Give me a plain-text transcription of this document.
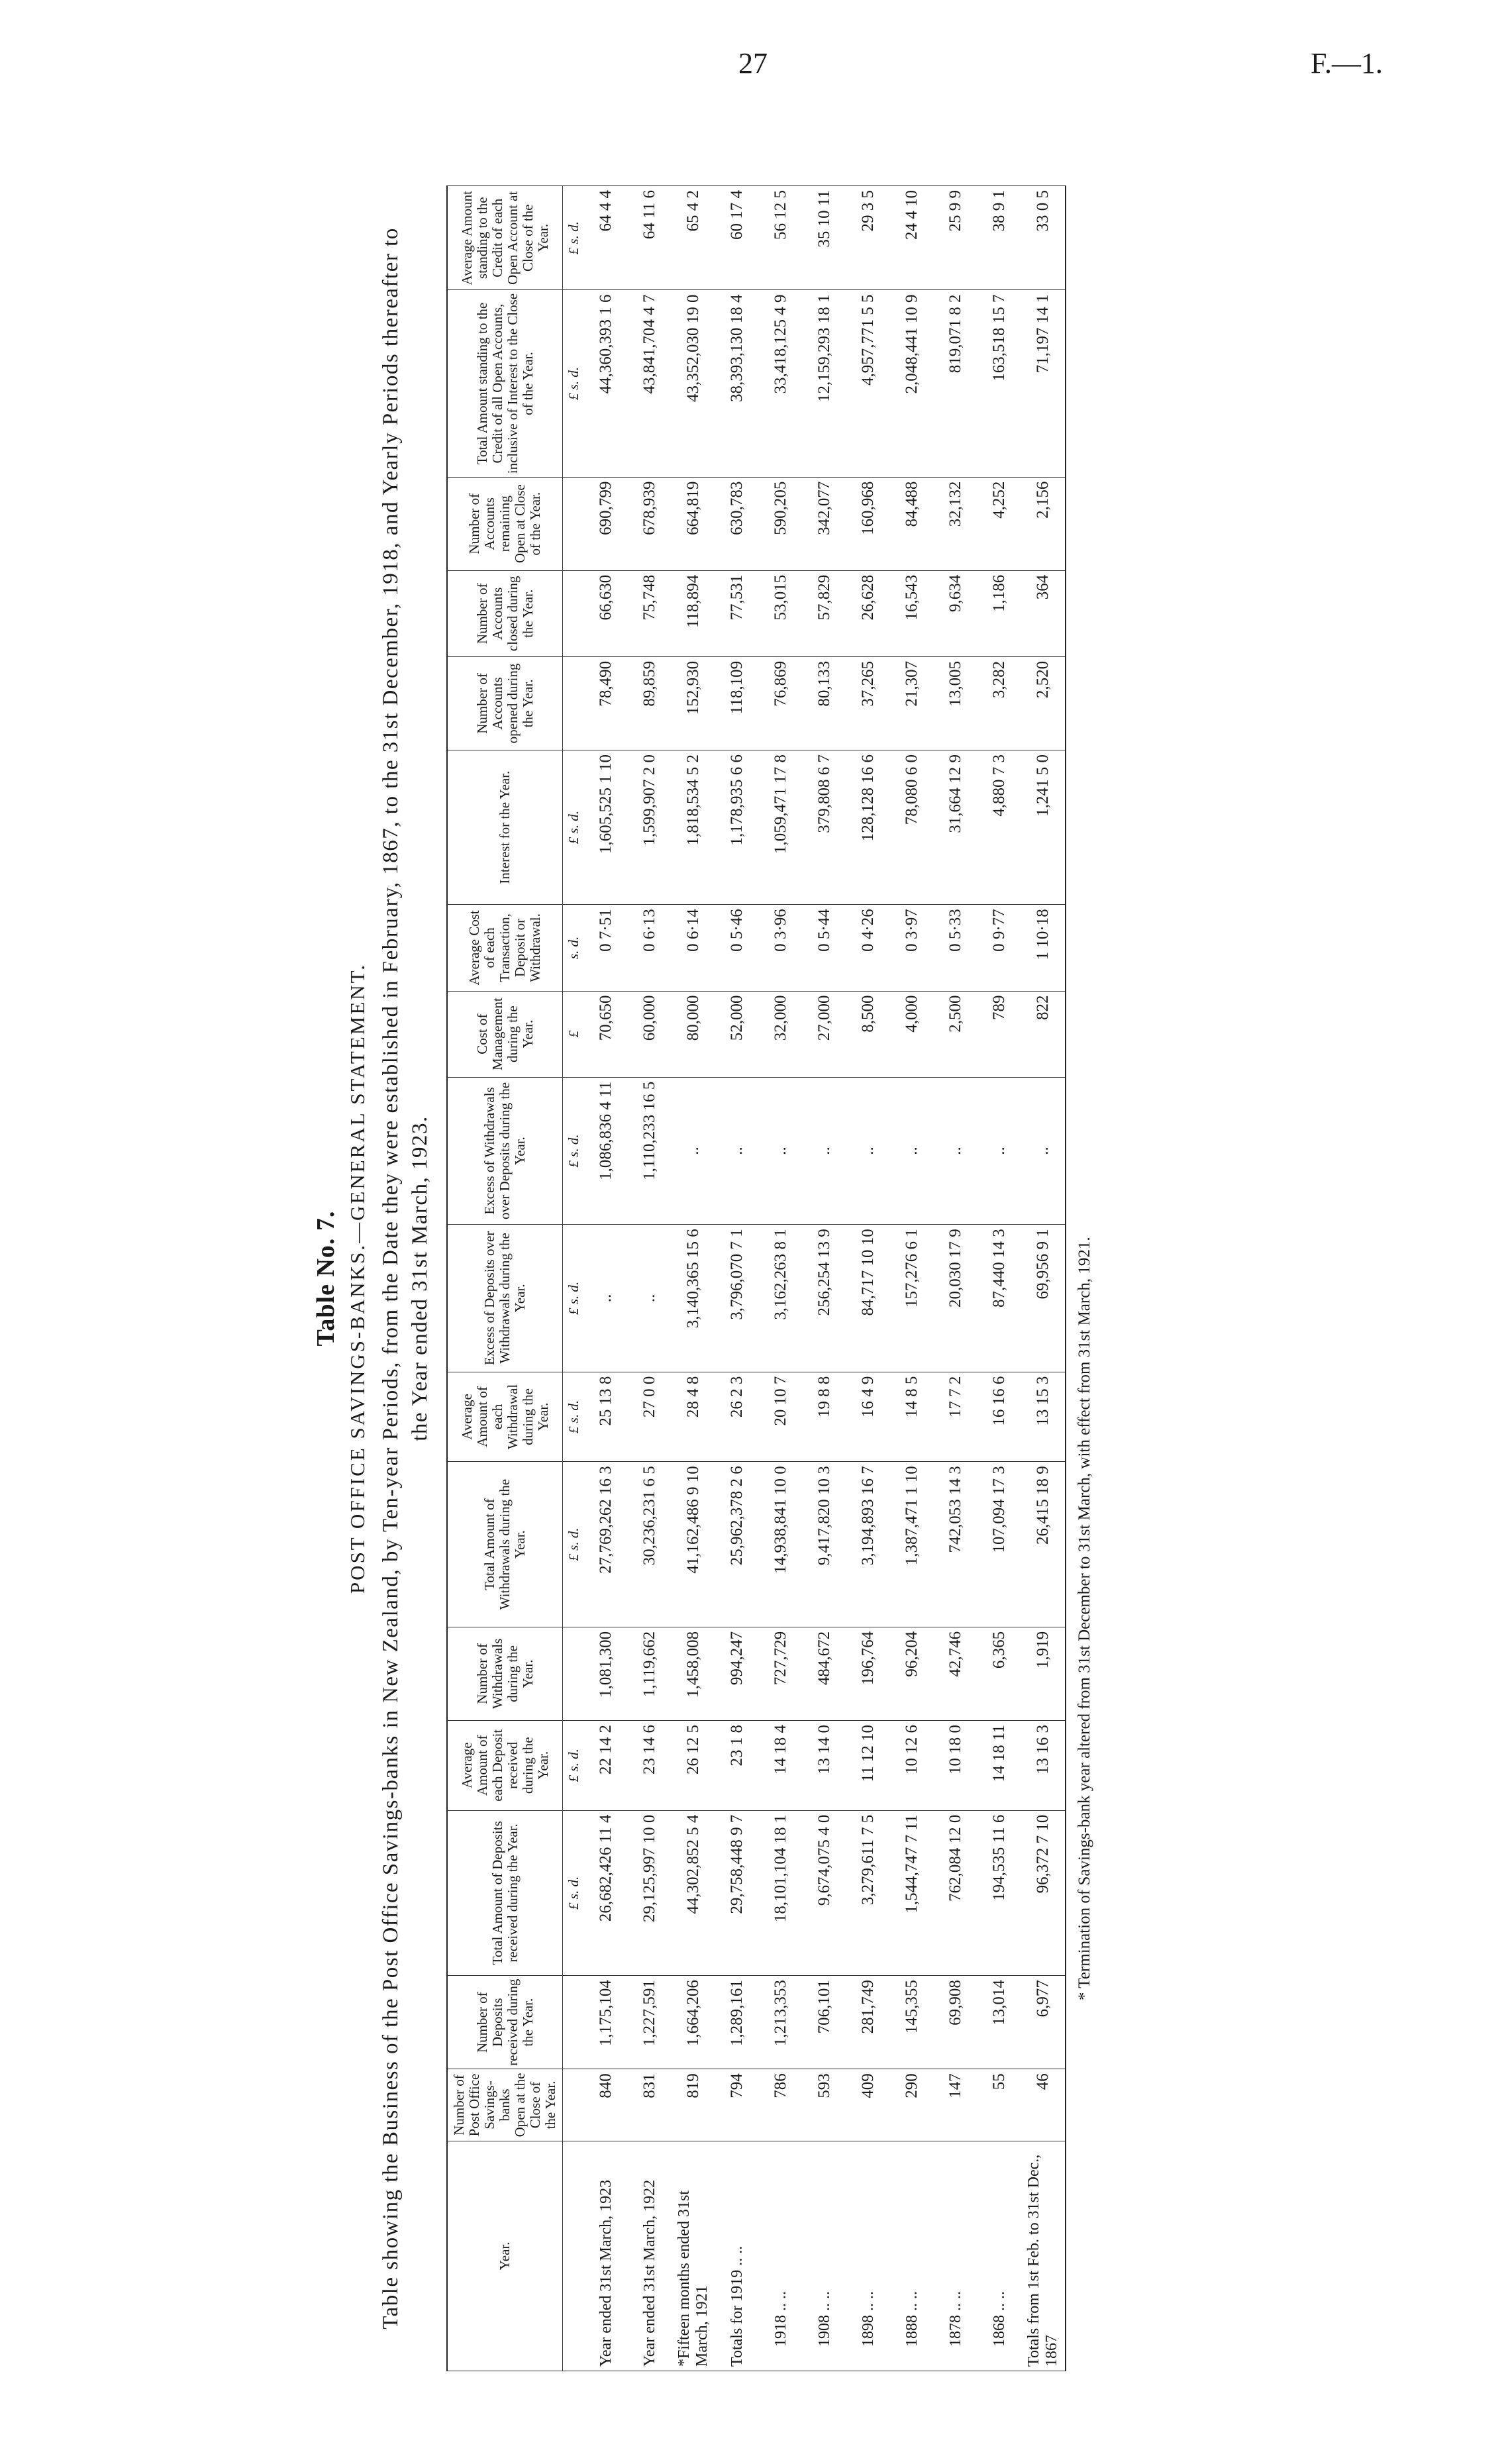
27	F.—1.
Table No. 7. POST OFFICE SAVINGS-BANKS.—GENERAL STATEMENT. Table showing the Business of the Post Office Savings-banks in New Zealand, by Ten-year Periods, from the Date they were established in February, 1867, to the 31st December, 1918, and Yearly Periods thereafter to the Year ended 31st March, 1923.
Year.	Number of Post Office Savings-banks Open at the Close of the Year.	Number of Deposits received during the Year.	Total Amount of Deposits received during the Year.	Average Amount of each Deposit received during the Year.	Number of Withdrawals during the Year.	Total Amount of Withdrawals during the Year.	Average Amount of each Withdrawal during the Year.	Excess of Deposits over Withdrawals during the Year.	Excess of Withdrawals over Deposits during the Year.	Cost of Management during the Year.	Average Cost of each Transaction, Deposit or Withdrawal.	Interest for the Year.	Number of Accounts opened during the Year.	Number of Accounts closed during the Year.	Number of Accounts remaining Open at Close of the Year.	Total Amount standing to the Credit of all Open Accounts, inclusive of Interest to the Close of the Year.	Average Amount standing to the Credit of each Open Account at Close of the Year.
			£ s. d.	£ s. d.		£ s. d.	£ s. d.	£ s. d.	£ s. d.	£	s. d.	£ s. d.				£ s. d.	£ s. d.
Year ended 31st March, 1923	840	1,175,104	26,682,426 11 4	22 14 2	1,081,300	27,769,262 16 3	25 13 8	..	1,086,836 4 11	70,650	0 7·51	1,605,525 1 10	78,490	66,630	690,799	44,360,393 1 6	64 4 4
Year ended 31st March, 1922	831	1,227,591	29,125,997 10 0	23 14 6	1,119,662	30,236,231 6 5	27 0 0	..	1,110,233 16 5	60,000	0 6·13	1,599,907 2 0	89,859	75,748	678,939	43,841,704 4 7	64 11 6
*Fifteen months ended 31st March, 1921	819	1,664,206	44,302,852 5 4	26 12 5	1,458,008	41,162,486 9 10	28 4 8	3,140,365 15 6	..	80,000	0 6·14	1,818,534 5 2	152,930	118,894	664,819	43,352,030 19 0	65 4 2
Totals for 1919 .. ..	794	1,289,161	29,758,448 9 7	23 1 8	994,247	25,962,378 2 6	26 2 3	3,796,070 7 1	..	52,000	0 5·46	1,178,935 6 6	118,109	77,531	630,783	38,393,130 18 4	60 17 4
1918 .. ..	786	1,213,353	18,101,104 18 1	14 18 4	727,729	14,938,841 10 0	20 10 7	3,162,263 8 1	..	32,000	0 3·96	1,059,471 17 8	76,869	53,015	590,205	33,418,125 4 9	56 12 5
1908 .. ..	593	706,101	9,674,075 4 0	13 14 0	484,672	9,417,820 10 3	19 8 8	256,254 13 9	..	27,000	0 5·44	379,808 6 7	80,133	57,829	342,077	12,159,293 18 1	35 10 11
1898 .. ..	409	281,749	3,279,611 7 5	11 12 10	196,764	3,194,893 16 7	16 4 9	84,717 10 10	..	8,500	0 4·26	128,128 16 6	37,265	26,628	160,968	4,957,771 5 5	29 3 5
1888 .. ..	290	145,355	1,544,747 7 11	10 12 6	96,204	1,387,471 1 10	14 8 5	157,276 6 1	..	4,000	0 3·97	78,080 6 0	21,307	16,543	84,488	2,048,441 10 9	24 4 10
1878 .. ..	147	69,908	762,084 12 0	10 18 0	42,746	742,053 14 3	17 7 2	20,030 17 9	..	2,500	0 5·33	31,664 12 9	13,005	9,634	32,132	819,071 8 2	25 9 9
1868 .. ..	55	13,014	194,535 11 6	14 18 11	6,365	107,094 17 3	16 16 6	87,440 14 3	..	789	0 9·77	4,880 7 3	3,282	1,186	4,252	163,518 15 7	38 9 1
Totals from 1st Feb. to 31st Dec., 1867	46	6,977	96,372 7 10	13 16 3	1,919	26,415 18 9	13 15 3	69,956 9 1	..	822	1 10·18	1,241 5 0	2,520	364	2,156	71,197 14 1	33 0 5
* Termination of Savings-bank year altered from 31st December to 31st March, with effect from 31st March, 1921.
